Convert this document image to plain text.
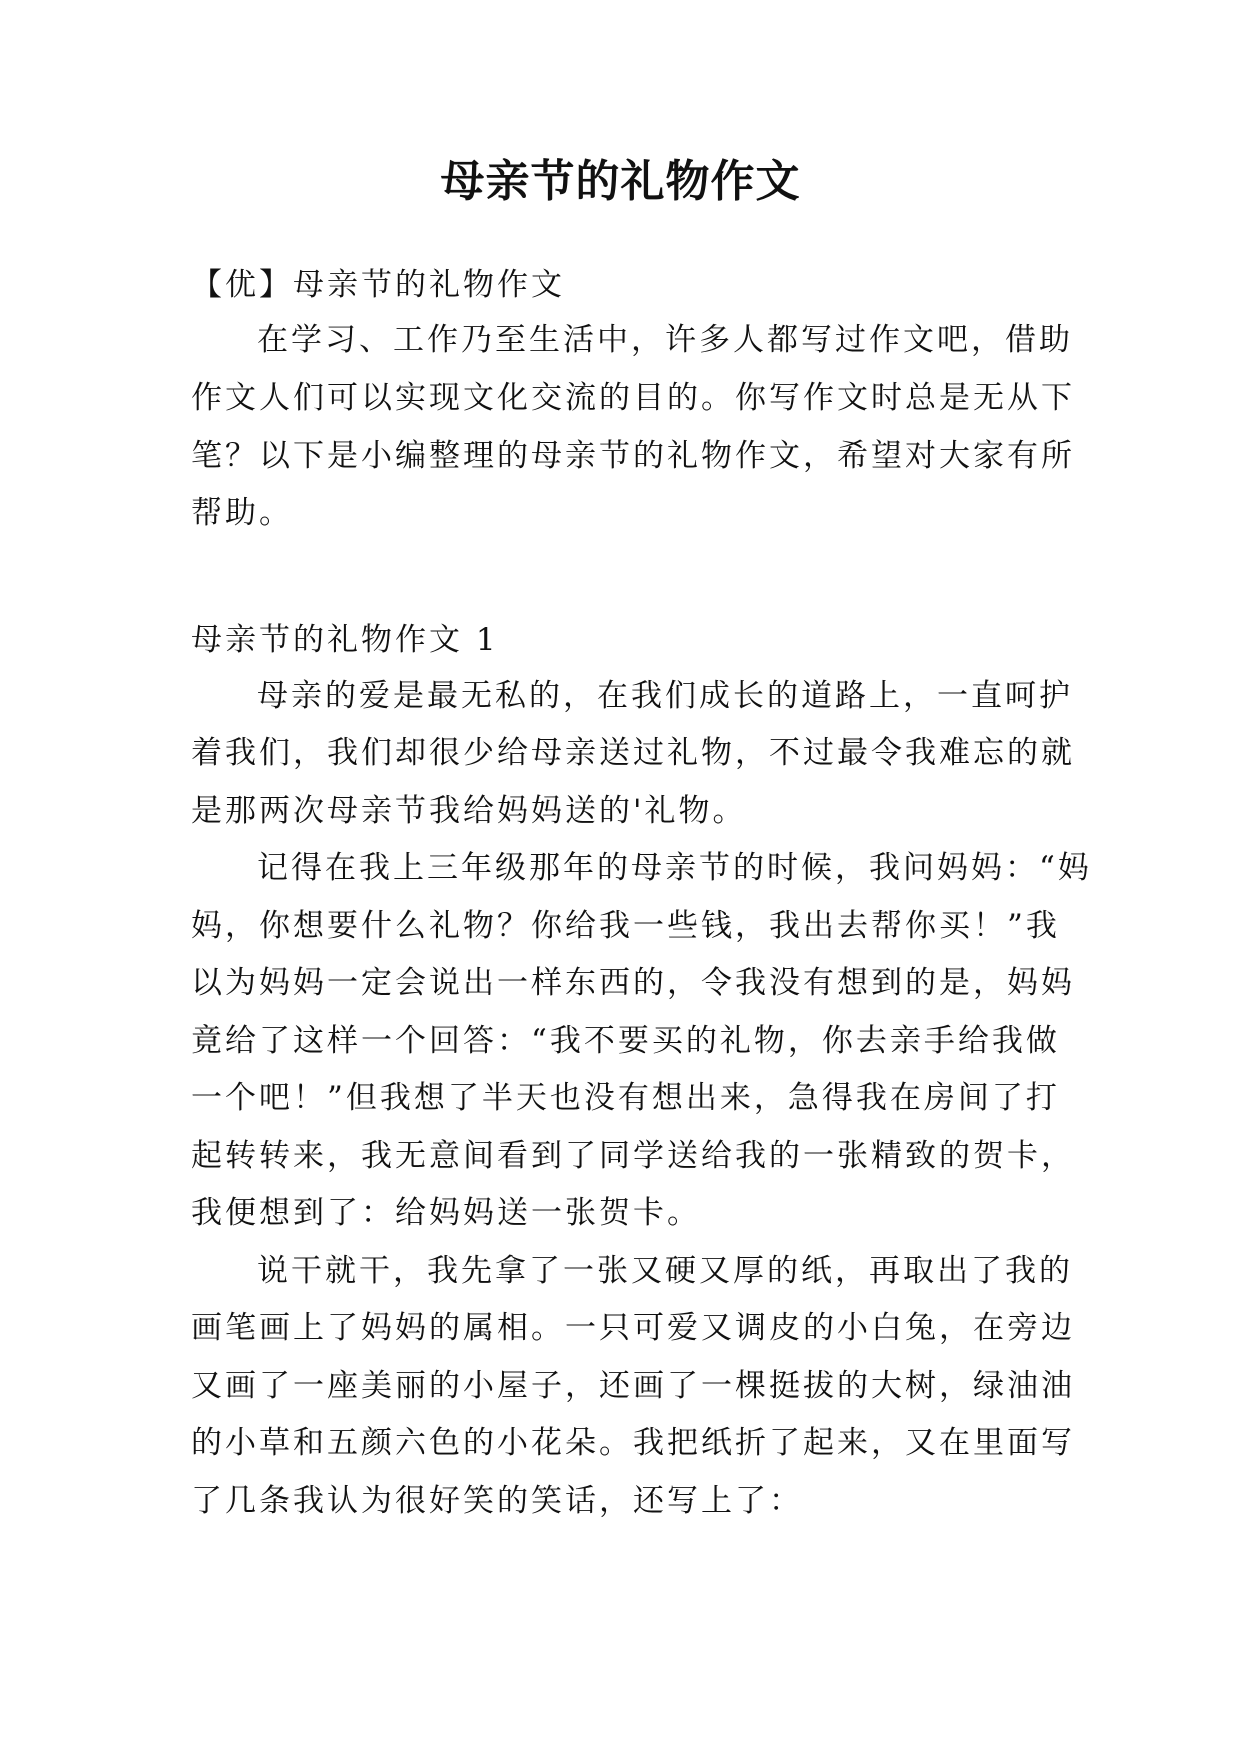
母亲节的礼物作文
【优】母亲节的礼物作文
在学习、工作乃至生活中，许多人都写过作文吧，借助
作文人们可以实现文化交流的目的。你写作文时总是无从下
笔？以下是小编整理的母亲节的礼物作文，希望对大家有所
帮助。
母亲节的礼物作文 1
母亲的爱是最无私的，在我们成长的道路上，一直呵护
着我们，我们却很少给母亲送过礼物，不过最令我难忘的就
是那两次母亲节我给妈妈送的'礼物。
记得在我上三年级那年的母亲节的时候，我问妈妈：“妈
妈，你想要什么礼物？你给我一些钱，我出去帮你买！”我
以为妈妈一定会说出一样东西的，令我没有想到的是，妈妈
竟给了这样一个回答：“我不要买的礼物，你去亲手给我做
一个吧！”但我想了半天也没有想出来，急得我在房间了打
起转转来，我无意间看到了同学送给我的一张精致的贺卡，
我便想到了：给妈妈送一张贺卡。
说干就干，我先拿了一张又硬又厚的纸，再取出了我的
画笔画上了妈妈的属相。一只可爱又调皮的小白兔，在旁边
又画了一座美丽的小屋子，还画了一棵挺拔的大树，绿油油
的小草和五颜六色的小花朵。我把纸折了起来，又在里面写
了几条我认为很好笑的笑话，还写上了：
